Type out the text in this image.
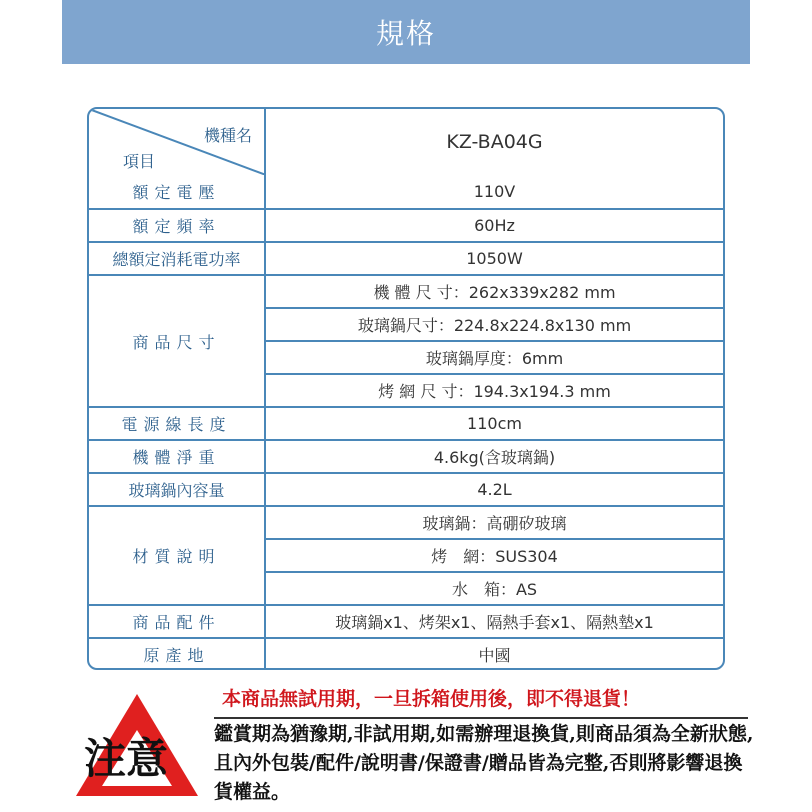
規格
機種名
項目
KZ-BA04G
額定電壓	110V
額定頻率	60Hz
總額定消耗電功率	1050W
商品尺寸
機 體 尺 寸：262x339x282 mm
玻璃鍋尺寸：224.8x224.8x130 mm
玻璃鍋厚度：6mm
烤 網 尺 寸：194.3x194.3 mm
電源線長度	110cm
機體淨重	4.6kg(含玻璃鍋)
玻璃鍋內容量	4.2L
材質說明
玻璃鍋：高硼矽玻璃
烤　網：SUS304
水　箱：AS
商品配件	玻璃鍋x1、烤架x1、隔熱手套x1、隔熱墊x1
原產地	中國
注意
本商品無試用期，一旦拆箱使用後，即不得退貨！
鑑賞期為猶豫期,非試用期,如需辦理退換貨,則商品須為全新狀態,且內外包裝/配件/說明書/保證書/贈品皆為完整,否則將影響退換貨權益。
